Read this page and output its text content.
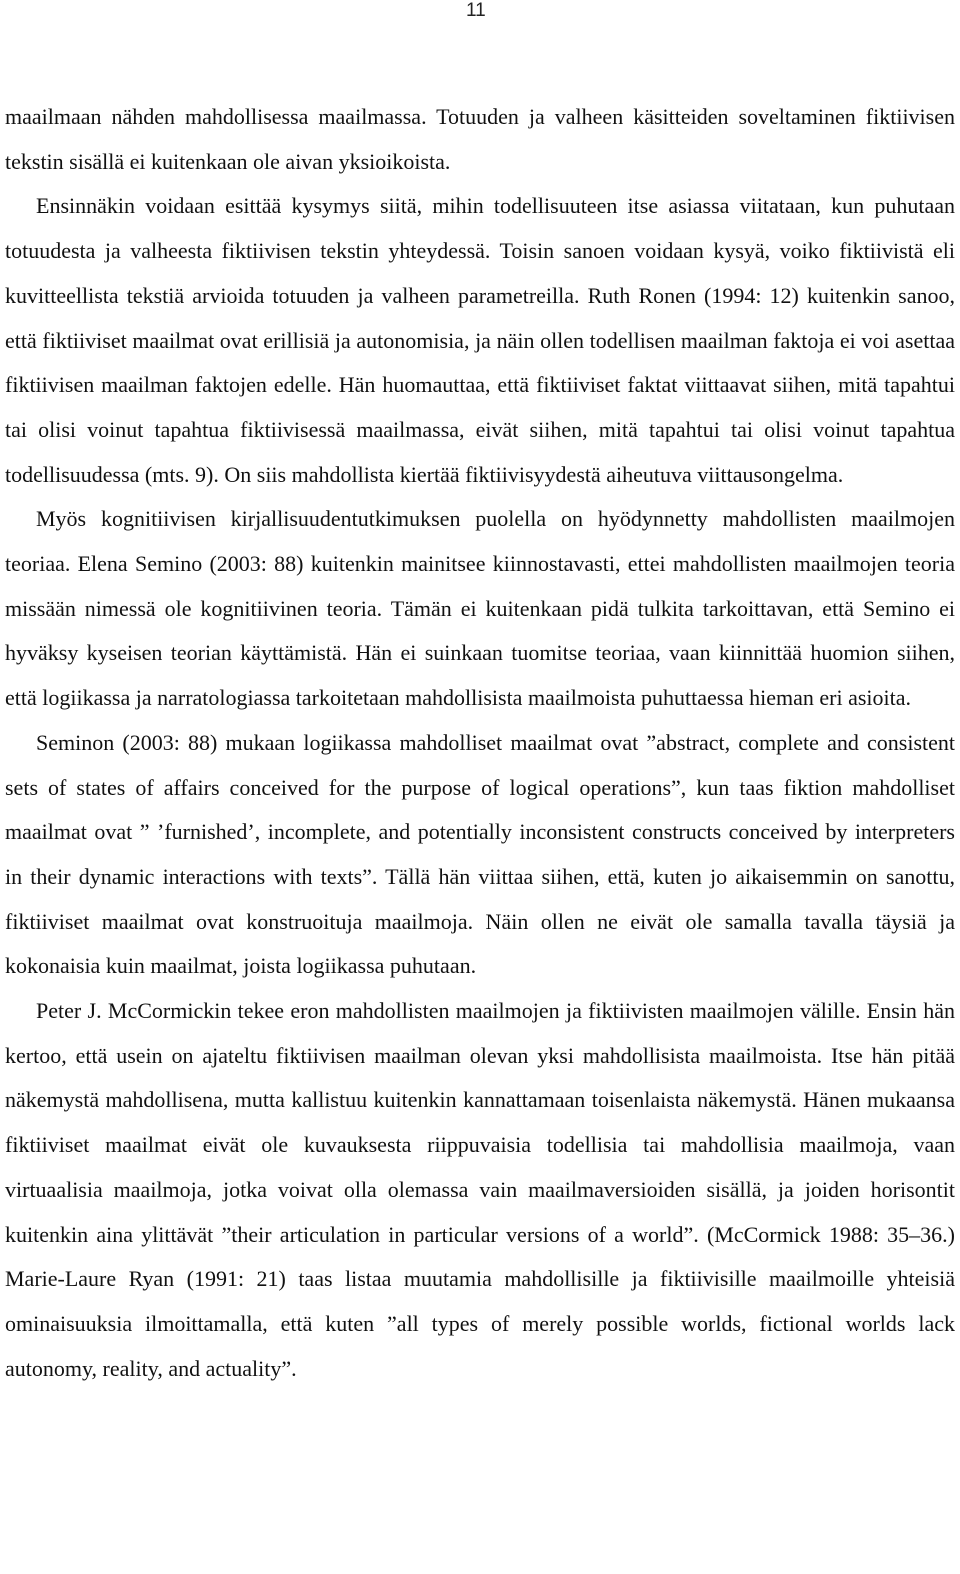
11

maailmaan nähden mahdollisessa maailmassa. Totuuden ja valheen käsitteiden soveltaminen fiktiivisen tekstin sisällä ei kuitenkaan ole aivan yksioikoista.

Ensinnäkin voidaan esittää kysymys siitä, mihin todellisuuteen itse asiassa viitataan, kun puhutaan totuudesta ja valheesta fiktiivisen tekstin yhteydessä. Toisin sanoen voidaan kysyä, voiko fiktiivistä eli kuvitteellista tekstiä arvioida totuuden ja valheen parametreilla. Ruth Ronen (1994: 12) kuitenkin sanoo, että fiktiiviset maailmat ovat erillisiä ja autonomisia, ja näin ollen todellisen maailman faktoja ei voi asettaa fiktiivisen maailman faktojen edelle. Hän huomauttaa, että fiktiiviset faktat viittaavat siihen, mitä tapahtui tai olisi voinut tapahtua fiktiivisessä maailmassa, eivät siihen, mitä tapahtui tai olisi voinut tapahtua todellisuudessa (mts. 9). On siis mahdollista kiertää fiktiivisyydestä aiheutuva viittausongelma.

Myös kognitiivisen kirjallisuudentutkimuksen puolella on hyödynnetty mahdollisten maailmojen teoriaa. Elena Semino (2003: 88) kuitenkin mainitsee kiinnostavasti, ettei mahdollisten maailmojen teoria missään nimessä ole kognitiivinen teoria. Tämän ei kuitenkaan pidä tulkita tarkoittavan, että Semino ei hyväksy kyseisen teorian käyttämistä. Hän ei suinkaan tuomitse teoriaa, vaan kiinnittää huomion siihen, että logiikassa ja narratologiassa tarkoitetaan mahdollisista maailmoista puhuttaessa hieman eri asioita.

Seminon (2003: 88) mukaan logiikassa mahdolliset maailmat ovat ”abstract, complete and consistent sets of states of affairs conceived for the purpose of logical operations”, kun taas fiktion mahdolliset maailmat ovat ” ’furnished’, incomplete, and potentially inconsistent constructs conceived by interpreters in their dynamic interactions with texts”. Tällä hän viittaa siihen, että, kuten jo aikaisemmin on sanottu, fiktiiviset maailmat ovat konstruoituja maailmoja. Näin ollen ne eivät ole samalla tavalla täysiä ja kokonaisia kuin maailmat, joista logiikassa puhutaan.

Peter J. McCormickin tekee eron mahdollisten maailmojen ja fiktiivisten maailmojen välille. Ensin hän kertoo, että usein on ajateltu fiktiivisen maailman olevan yksi mahdollisista maailmoista. Itse hän pitää näkemystä mahdollisena, mutta kallistuu kuitenkin kannattamaan toisenlaista näkemystä. Hänen mukaansa fiktiiviset maailmat eivät ole kuvauksesta riippuvaisia todellisia tai mahdollisia maailmoja, vaan virtuaalisia maailmoja, jotka voivat olla olemassa vain maailmaversioiden sisällä, ja joiden horisontit kuitenkin aina ylittävät ”their articulation in particular versions of a world”. (McCormick 1988: 35–36.) Marie-Laure Ryan (1991: 21) taas listaa muutamia mahdollisille ja fiktiivisille maailmoille yhteisiä ominaisuuksia ilmoittamalla, että kuten ”all types of merely possible worlds, fictional worlds lack autonomy, reality, and actuality”.
